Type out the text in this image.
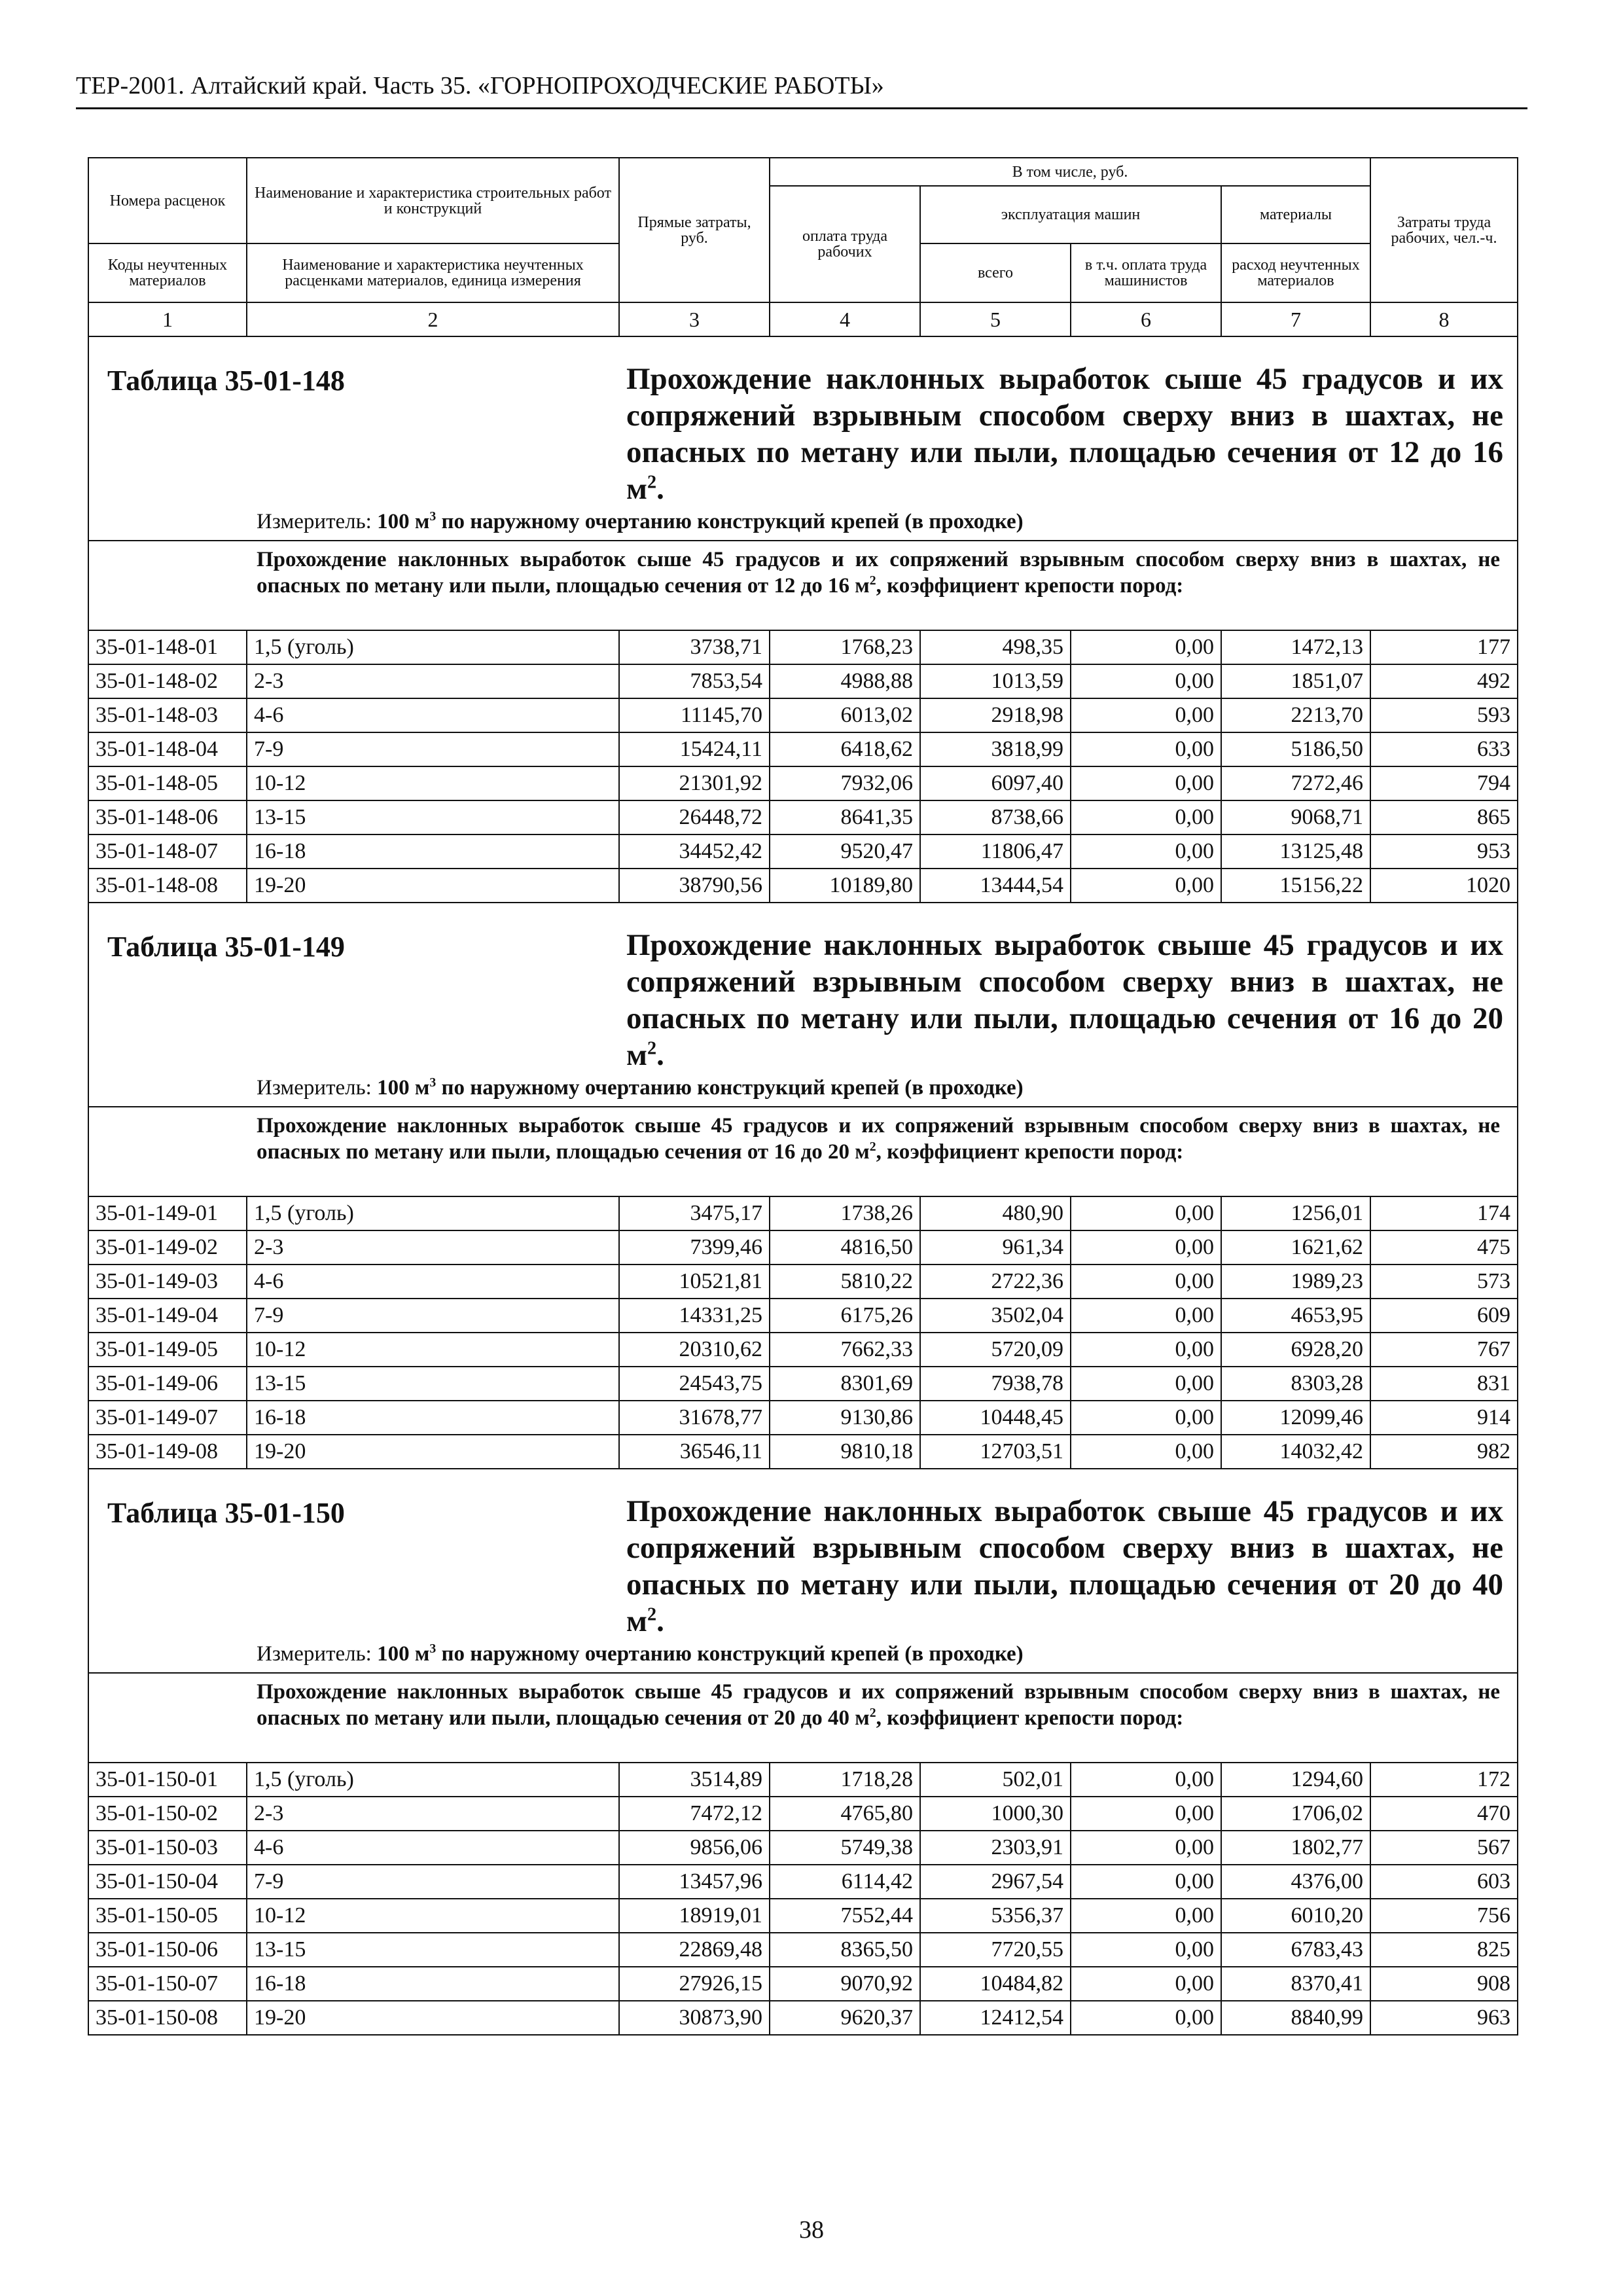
ТЕР-2001. Алтайский край. Часть 35. «ГОРНОПРОХОДЧЕСКИЕ РАБОТЫ»
Номера расценок	Наименование и характеристика строительных работ и конструкций	Прямые затраты, руб.	В том числе, руб.				Затраты труда рабочих, чел.-ч.
			оплата труда рабочих	эксплуатация машин		материалы	
Коды неучтенных материалов	Наименование и характеристика неучтенных расценками материалов, единица измерения			всего	в т.ч. оплата труда машинистов	расход неучтенных материалов	
1	2	3	4	5	6	7	8

Таблица 35-01-148 Прохождение наклонных выработок сыше 45 градусов и их сопряжений взрывным способом сверху вниз в шахтах, не опасных по метану или пыли, площадью сечения от 12 до 16 $м^2$.
Измеритель: 100 $м^3$ по наружному очертанию конструкций крепей (в проходке)							

Прохождение наклонных выработок сыше 45 градусов и их сопряжений взрывным способом сверху вниз в шахтах, не опасных по метану или пыли, площадью сечения от 12 до 16 $м^2$, коэффициент крепости пород:							

35-01-148-01	1,5 (уголь)	3738,71	1768,23	498,35	0,00	1472,13	177
35-01-148-02	2-3	7853,54	4988,88	1013,59	0,00	1851,07	492
35-01-148-03	4-6	11145,70	6013,02	2918,98	0,00	2213,70	593
35-01-148-04	7-9	15424,11	6418,62	3818,99	0,00	5186,50	633
35-01-148-05	10-12	21301,92	7932,06	6097,40	0,00	7272,46	794
35-01-148-06	13-15	26448,72	8641,35	8738,66	0,00	9068,71	865
35-01-148-07	16-18	34452,42	9520,47	11806,47	0,00	13125,48	953
35-01-148-08	19-20	38790,56	10189,80	13444,54	0,00	15156,22	1020

Таблица 35-01-149 Прохождение наклонных выработок свыше 45 градусов и их сопряжений взрывным способом сверху вниз в шахтах, не опасных по метану или пыли, площадью сечения от 16 до 20 $м^2$.
Измеритель: 100 $м^3$ по наружному очертанию конструкций крепей (в проходке)							

Прохождение наклонных выработок свыше 45 градусов и их сопряжений взрывным способом сверху вниз в шахтах, не опасных по метану или пыли, площадью сечения от 16 до 20 $м^2$, коэффициент крепости пород:							

35-01-149-01	1,5 (уголь)	3475,17	1738,26	480,90	0,00	1256,01	174
35-01-149-02	2-3	7399,46	4816,50	961,34	0,00	1621,62	475
35-01-149-03	4-6	10521,81	5810,22	2722,36	0,00	1989,23	573
35-01-149-04	7-9	14331,25	6175,26	3502,04	0,00	4653,95	609
35-01-149-05	10-12	20310,62	7662,33	5720,09	0,00	6928,20	767
35-01-149-06	13-15	24543,75	8301,69	7938,78	0,00	8303,28	831
35-01-149-07	16-18	31678,77	9130,86	10448,45	0,00	12099,46	914
35-01-149-08	19-20	36546,11	9810,18	12703,51	0,00	14032,42	982

Таблица 35-01-150 Прохождение наклонных выработок свыше 45 градусов и их сопряжений взрывным способом сверху вниз в шахтах, не опасных по метану или пыли, площадью сечения от 20 до 40 $м^2$.
Измеритель: 100 $м^3$ по наружному очертанию конструкций крепей (в проходке)							

Прохождение наклонных выработок свыше 45 градусов и их сопряжений взрывным способом сверху вниз в шахтах, не опасных по метану или пыли, площадью сечения от 20 до 40 $м^2$, коэффициент крепости пород:							

35-01-150-01	1,5 (уголь)	3514,89	1718,28	502,01	0,00	1294,60	172
35-01-150-02	2-3	7472,12	4765,80	1000,30	0,00	1706,02	470
35-01-150-03	4-6	9856,06	5749,38	2303,91	0,00	1802,77	567
35-01-150-04	7-9	13457,96	6114,42	2967,54	0,00	4376,00	603
35-01-150-05	10-12	18919,01	7552,44	5356,37	0,00	6010,20	756
35-01-150-06	13-15	22869,48	8365,50	7720,55	0,00	6783,43	825
35-01-150-07	16-18	27926,15	9070,92	10484,82	0,00	8370,41	908
35-01-150-08	19-20	30873,90	9620,37	12412,54	0,00	8840,99	963
38
